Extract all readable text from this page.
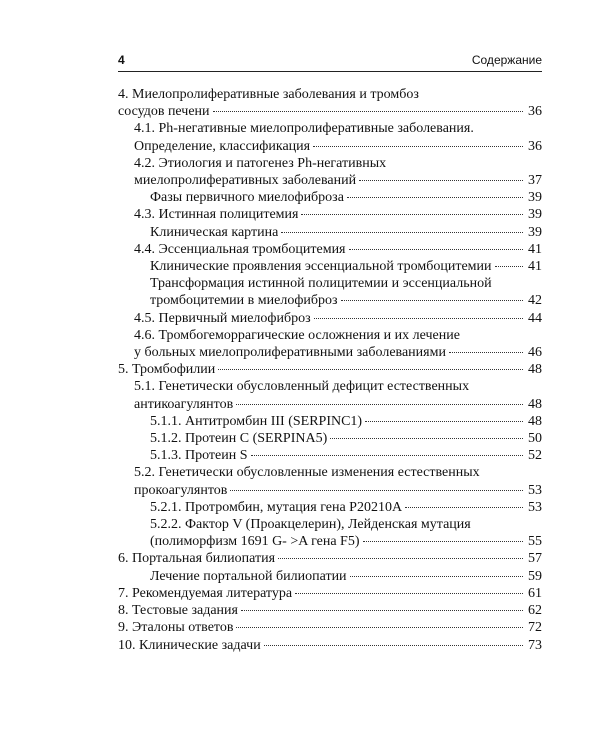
4	Содержание
4. Миелопролиферативные заболевания и тромбоз
сосудов печени	36
4.1. Ph-негативные миелопролиферативные заболевания.
Определение, классификация	36
4.2. Этиология и патогенез Ph-негативных
миелопролиферативных заболеваний	37
Фазы первичного миелофиброза	39
4.3. Истинная полицитемия	39
Клиническая картина	39
4.4. Эссенциальная тромбоцитемия	41
Клинические проявления эссенциальной тромбоцитемии	41
Трансформация истинной полицитемии и эссенциальной
тромбоцитемии в миелофиброз	42
4.5. Первичный миелофиброз	44
4.6. Тромбогеморрагические осложнения и их лечение
у больных миелопролиферативными заболеваниями	46
5. Тромбофилии	48
5.1. Генетически обусловленный дефицит естественных
антикоагулянтов	48
5.1.1. Антитромбин III (SERPINC1)	48
5.1.2. Протеин С (SERPINA5)	50
5.1.3. Протеин S	52
5.2. Генетически обусловленные изменения естественных
прокоагулянтов	53
5.2.1. Протромбин, мутация гена P20210A	53
5.2.2. Фактор V (Проакцелерин), Лейденская мутация
(полиморфизм 1691 G- >A гена F5)	55
6. Портальная билиопатия	57
Лечение портальной билиопатии	59
7. Рекомендуемая литература	61
8. Тестовые задания	62
9. Эталоны ответов	72
10. Клинические задачи	73
